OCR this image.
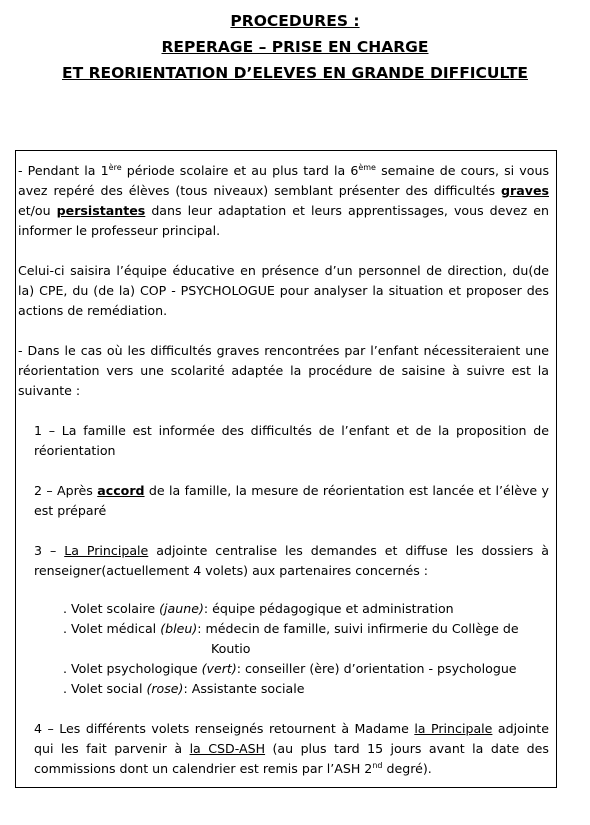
PROCEDURES :
REPERAGE – PRISE EN CHARGE
ET REORIENTATION D’ELEVES EN GRANDE DIFFICULTE

- Pendant la 1ère période scolaire et au plus tard la 6ème semaine de cours, si vous avez repéré des élèves (tous niveaux) semblant présenter des difficultés graves et/ou persistantes dans leur adaptation et leurs apprentissages, vous devez en informer le professeur principal.

Celui-ci saisira l’équipe éducative en présence d’un personnel de direction, du(de la) CPE, du (de la) COP - PSYCHOLOGUE pour analyser la situation et proposer des actions de remédiation.

- Dans le cas où les difficultés graves rencontrées par l’enfant nécessiteraient une réorientation vers une scolarité adaptée la procédure de saisine à suivre est la suivante :

1 – La famille est informée des difficultés de l’enfant et de la proposition de réorientation

2 – Après accord de la famille, la mesure de réorientation est lancée et l’élève y est préparé

3 – La Principale adjointe centralise les demandes et diffuse les dossiers à renseigner(actuellement 4 volets) aux partenaires concernés :

. Volet scolaire (jaune): équipe pédagogique et administration
. Volet médical (bleu): médecin de famille, suivi infirmerie du Collège de
Koutio
. Volet psychologique (vert): conseiller (ère) d’orientation - psychologue
. Volet social (rose): Assistante sociale

4 – Les différents volets renseignés retournent à Madame la Principale adjointe qui les fait parvenir à la CSD-ASH (au plus tard 15 jours avant la date des commissions dont un calendrier est remis par l’ASH 2nd degré).
